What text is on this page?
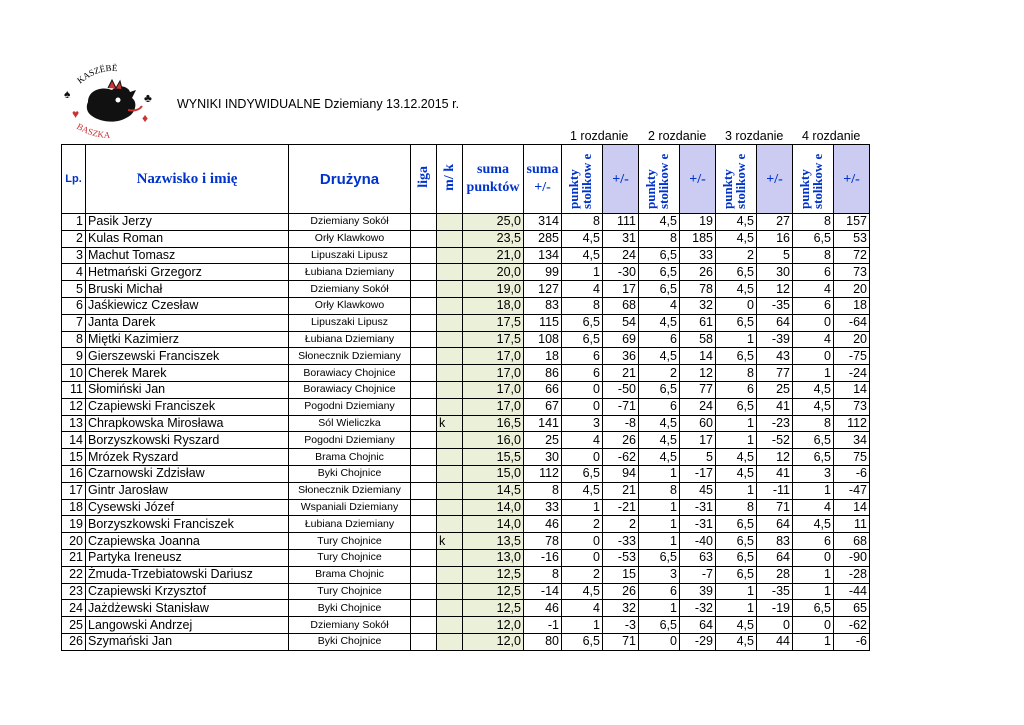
KASZËBË
BASZKA
♠
♥	♦
♣ WYNIKI INDYWIDUALNE Dziemiany 13.12.2015 r.
1 rozdanie 2 rozdanie 3 rozdanie 4 rozdanie
Lp.	Nazwisko i imię	Drużyna	liga	m/ k	suma punktów	suma +/-	punkty stolikow e	+/-	punkty stolikow e	+/-	punkty stolikow e	+/-	punkty stolikow e	+/-
1	Pasik Jerzy	Dziemiany Sokół			25,0	314	8	111	4,5	19	4,5	27	8	157
2	Kulas Roman	Orły Klawkowo			23,5	285	4,5	31	8	185	4,5	16	6,5	53
3	Machut Tomasz	Lipuszaki Lipusz			21,0	134	4,5	24	6,5	33	2	5	8	72
4	Hetmański Grzegorz	Łubiana Dziemiany			20,0	99	1	-30	6,5	26	6,5	30	6	73
5	Bruski Michał	Dziemiany Sokół			19,0	127	4	17	6,5	78	4,5	12	4	20
6	Jaśkiewicz Czesław	Orły Klawkowo			18,0	83	8	68	4	32	0	-35	6	18
7	Janta Darek	Lipuszaki Lipusz			17,5	115	6,5	54	4,5	61	6,5	64	0	-64
8	Miętki Kazimierz	Łubiana Dziemiany			17,5	108	6,5	69	6	58	1	-39	4	20
9	Gierszewski Franciszek	Słonecznik Dziemiany			17,0	18	6	36	4,5	14	6,5	43	0	-75
10	Cherek Marek	Borawiacy Chojnice			17,0	86	6	21	2	12	8	77	1	-24
11	Słomiński Jan	Borawiacy Chojnice			17,0	66	0	-50	6,5	77	6	25	4,5	14
12	Czapiewski Franciszek	Pogodni Dziemiany			17,0	67	0	-71	6	24	6,5	41	4,5	73
13	Chrapkowska Mirosława	Sól Wieliczka		k	16,5	141	3	-8	4,5	60	1	-23	8	112
14	Borzyszkowski Ryszard	Pogodni Dziemiany			16,0	25	4	26	4,5	17	1	-52	6,5	34
15	Mrózek Ryszard	Brama Chojnic			15,5	30	0	-62	4,5	5	4,5	12	6,5	75
16	Czarnowski Zdzisław	Byki Chojnice			15,0	112	6,5	94	1	-17	4,5	41	3	-6
17	Gintr Jarosław	Słonecznik Dziemiany			14,5	8	4,5	21	8	45	1	-11	1	-47
18	Cysewski Józef	Wspaniali Dziemiany			14,0	33	1	-21	1	-31	8	71	4	14
19	Borzyszkowski Franciszek	Łubiana Dziemiany			14,0	46	2	2	1	-31	6,5	64	4,5	11
20	Czapiewska Joanna	Tury Chojnice		k	13,5	78	0	-33	1	-40	6,5	83	6	68
21	Partyka Ireneusz	Tury Chojnice			13,0	-16	0	-53	6,5	63	6,5	64	0	-90
22	Żmuda-Trzebiatowski Dariusz	Brama Chojnic			12,5	8	2	15	3	-7	6,5	28	1	-28
23	Czapiewski Krzysztof	Tury Chojnice			12,5	-14	4,5	26	6	39	1	-35	1	-44
24	Jażdżewski Stanisław	Byki Chojnice			12,5	46	4	32	1	-32	1	-19	6,5	65
25	Langowski Andrzej	Dziemiany Sokół			12,0	-1	1	-3	6,5	64	4,5	0	0	-62
26	Szymański Jan	Byki Chojnice			12,0	80	6,5	71	0	-29	4,5	44	1	-6
